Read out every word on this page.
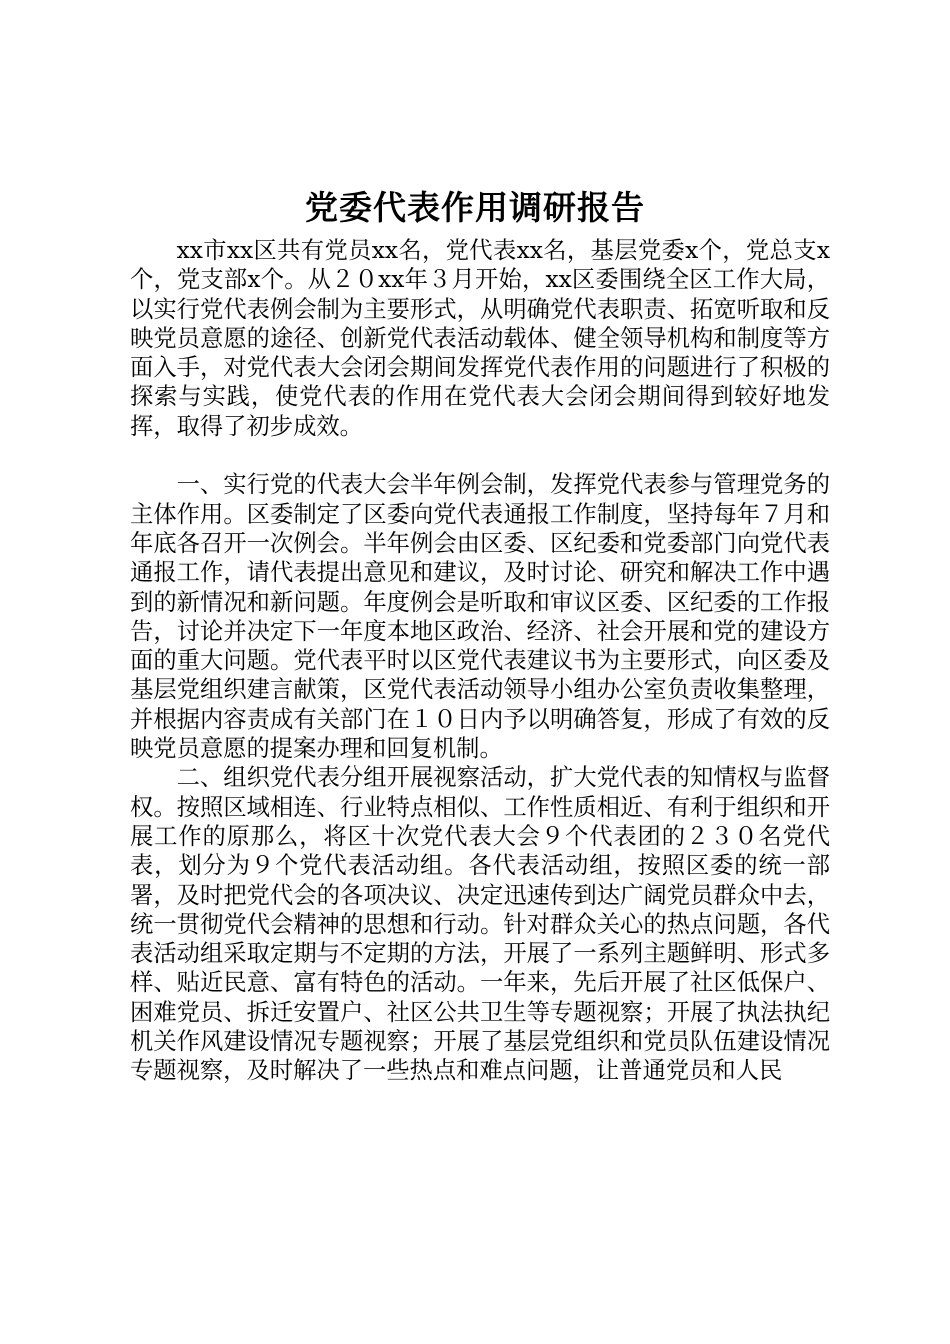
党委代表作用调研报告

xx市xx区共有党员xx名，党代表xx名，基层党委x个，党总支x个，党支部x个。从２０xx年３月开始，xx区委围绕全区工作大局，以实行党代表例会制为主要形式，从明确党代表职责、拓宽听取和反映党员意愿的途径、创新党代表活动载体、健全领导机构和制度等方面入手，对党代表大会闭会期间发挥党代表作用的问题进行了积极的探索与实践，使党代表的作用在党代表大会闭会期间得到较好地发挥，取得了初步成效。

一、实行党的代表大会半年例会制，发挥党代表参与管理党务的主体作用。区委制定了区委向党代表通报工作制度，坚持每年７月和年底各召开一次例会。半年例会由区委、区纪委和党委部门向党代表通报工作，请代表提出意见和建议，及时讨论、研究和解决工作中遇到的新情况和新问题。年度例会是听取和审议区委、区纪委的工作报告，讨论并决定下一年度本地区政治、经济、社会开展和党的建设方面的重大问题。党代表平时以区党代表建议书为主要形式，向区委及基层党组织建言献策，区党代表活动领导小组办公室负责收集整理，并根据内容责成有关部门在１０日内予以明确答复，形成了有效的反映党员意愿的提案办理和回复机制。

二、组织党代表分组开展视察活动，扩大党代表的知情权与监督权。按照区域相连、行业特点相似、工作性质相近、有利于组织和开展工作的原那么，将区十次党代表大会９个代表团的２３０名党代表，划分为９个党代表活动组。各代表活动组，按照区委的统一部署，及时把党代会的各项决议、决定迅速传到达广阔党员群众中去，统一贯彻党代会精神的思想和行动。针对群众关心的热点问题，各代表活动组采取定期与不定期的方法，开展了一系列主题鲜明、形式多样、贴近民意、富有特色的活动。一年来，先后开展了社区低保户、困难党员、拆迁安置户、社区公共卫生等专题视察；开展了执法执纪机关作风建设情况专题视察；开展了基层党组织和党员队伍建设情况专题视察，及时解决了一些热点和难点问题，让普通党员和人民
